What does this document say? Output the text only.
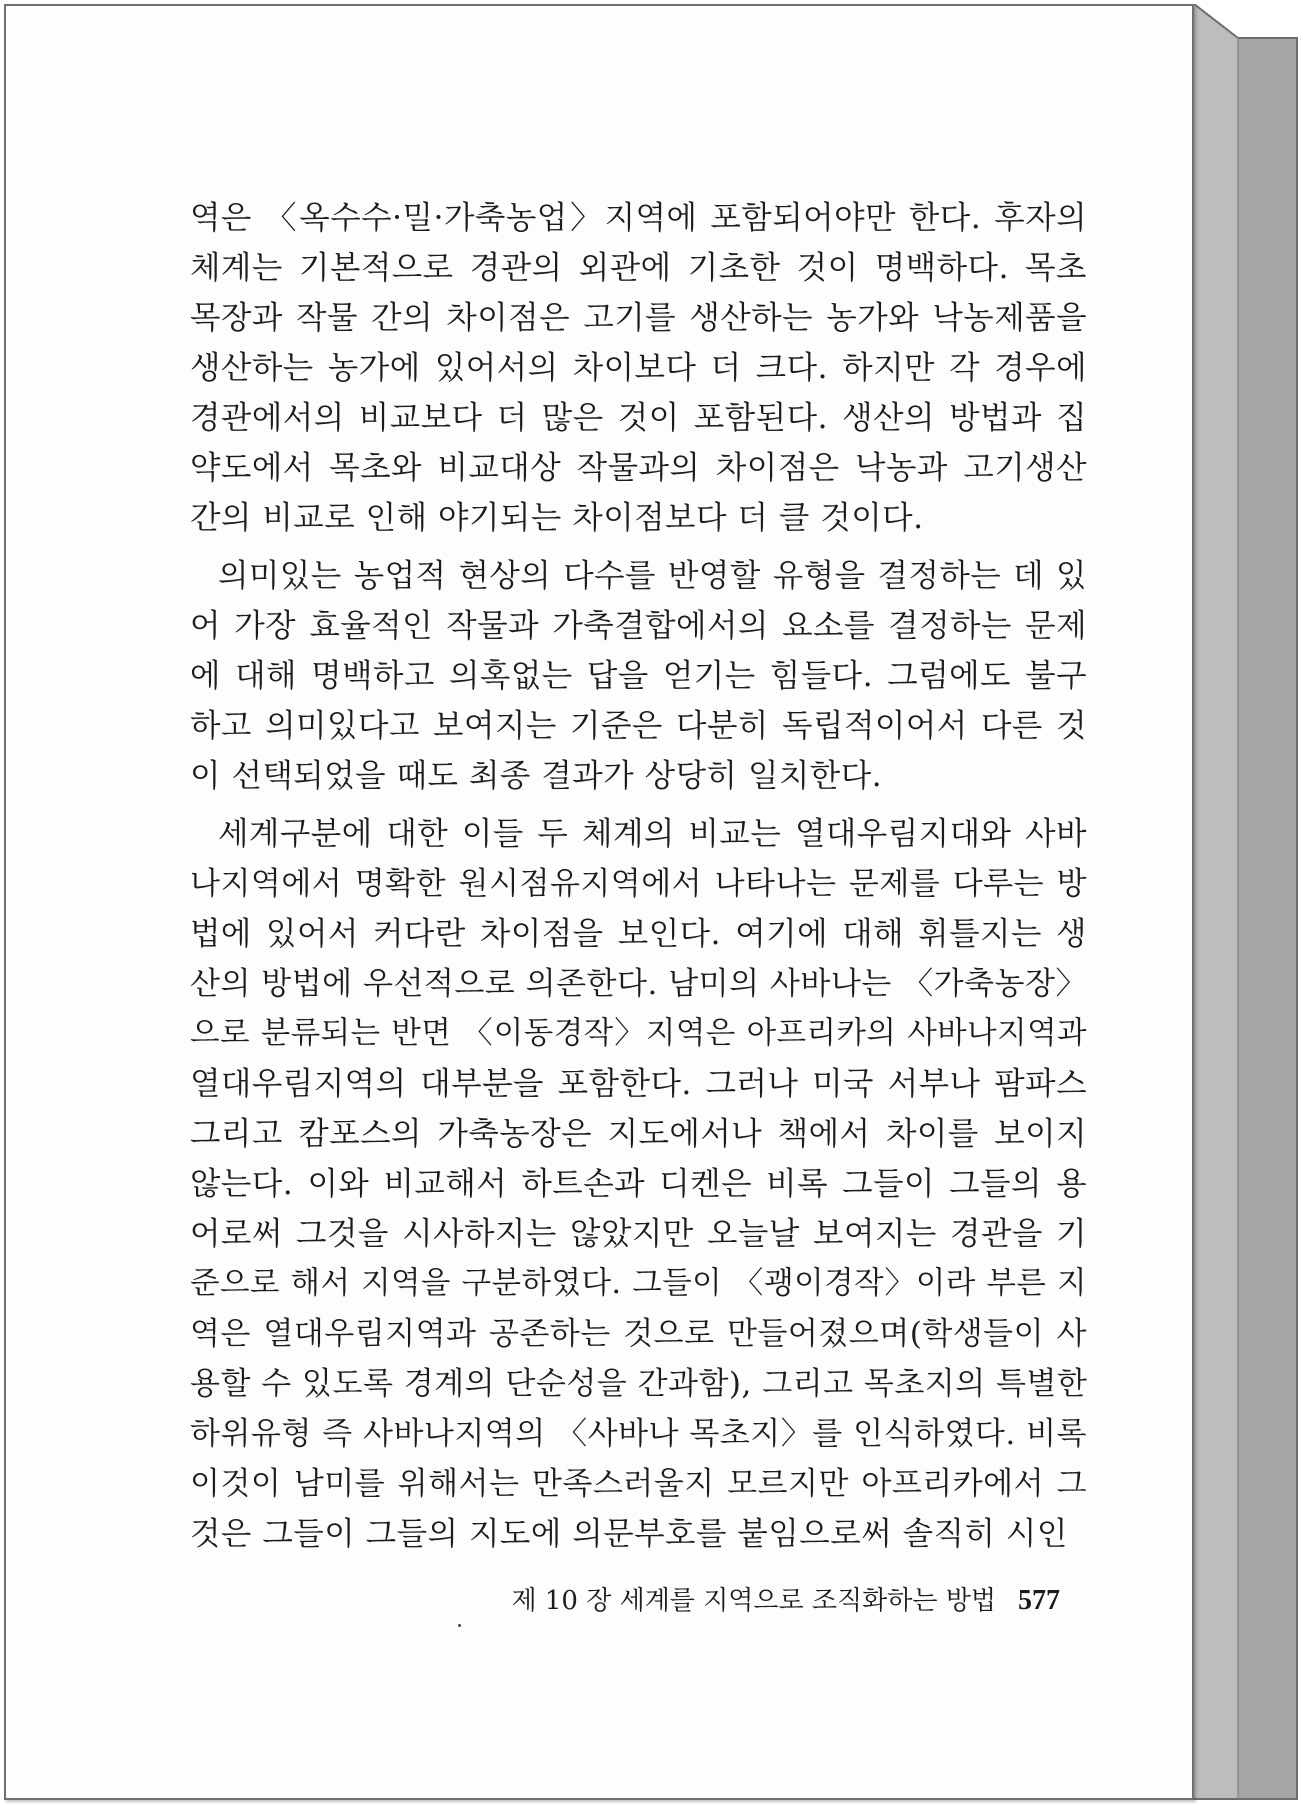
역은 〈옥수수·밀·가축농업〉지역에 포함되어야만 한다. 후자의
체계는 기본적으로 경관의 외관에 기초한 것이 명백하다. 목초
목장과 작물 간의 차이점은 고기를 생산하는 농가와 낙농제품을
생산하는 농가에 있어서의 차이보다 더 크다. 하지만 각 경우에
경관에서의 비교보다 더 많은 것이 포함된다. 생산의 방법과 집
약도에서 목초와 비교대상 작물과의 차이점은 낙농과 고기생산
간의 비교로 인해 야기되는 차이점보다 더 클 것이다.
의미있는 농업적 현상의 다수를 반영할 유형을 결정하는 데 있
어 가장 효율적인 작물과 가축결합에서의 요소를 결정하는 문제
에 대해 명백하고 의혹없는 답을 얻기는 힘들다. 그럼에도 불구
하고 의미있다고 보여지는 기준은 다분히 독립적이어서 다른 것
이 선택되었을 때도 최종 결과가 상당히 일치한다.
세계구분에 대한 이들 두 체계의 비교는 열대우림지대와 사바
나지역에서 명확한 원시점유지역에서 나타나는 문제를 다루는 방
법에 있어서 커다란 차이점을 보인다. 여기에 대해 휘틀지는 생
산의 방법에 우선적으로 의존한다. 남미의 사바나는 〈가축농장〉
으로 분류되는 반면 〈이동경작〉지역은 아프리카의 사바나지역과
열대우림지역의 대부분을 포함한다. 그러나 미국 서부나 팜파스
그리고 캄포스의 가축농장은 지도에서나 책에서 차이를 보이지
않는다. 이와 비교해서 하트손과 디켄은 비록 그들이 그들의 용
어로써 그것을 시사하지는 않았지만 오늘날 보여지는 경관을 기
준으로 해서 지역을 구분하였다. 그들이 〈괭이경작〉이라 부른 지
역은 열대우림지역과 공존하는 것으로 만들어졌으며(학생들이 사
용할 수 있도록 경계의 단순성을 간과함), 그리고 목초지의 특별한
하위유형 즉 사바나지역의 〈사바나 목초지〉를 인식하였다. 비록
이것이 남미를 위해서는 만족스러울지 모르지만 아프리카에서 그
것은 그들이 그들의 지도에 의문부호를 붙임으로써 솔직히 시인
제 10 장 세계를 지역으로 조직화하는 방법 577
